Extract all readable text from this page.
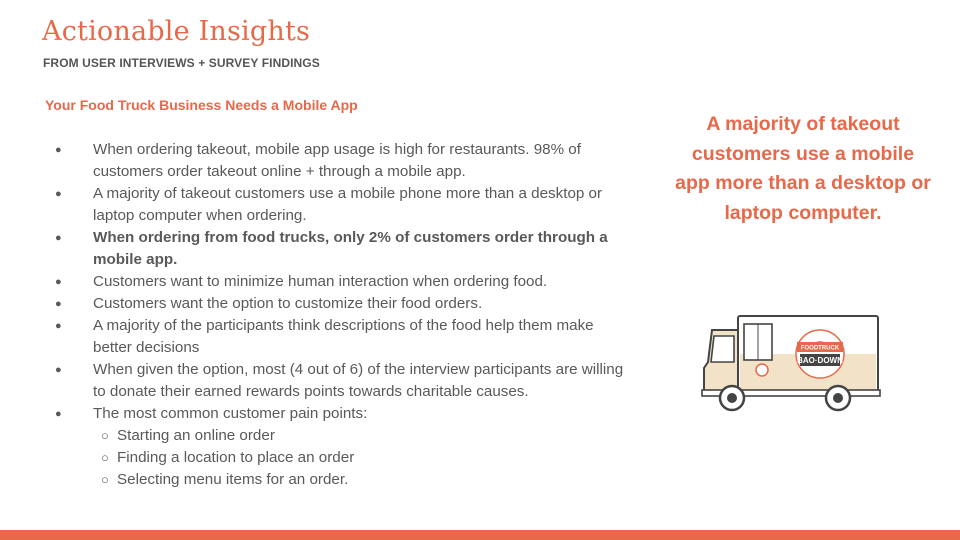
Actionable Insights
FROM USER INTERVIEWS + SURVEY FINDINGS
Your Food Truck Business Needs a Mobile App
● When ordering takeout, mobile app usage is high for restaurants. 98% of customers order takeout online + through a mobile app.
● A majority of takeout customers use a mobile phone more than a desktop or laptop computer when ordering.
● When ordering from food trucks, only 2% of customers order through a mobile app.
● Customers want to minimize human interaction when ordering food.
● Customers want the option to customize their food orders.
● A majority of the participants think descriptions of the food help them make better decisions
● When given the option, most (4 out of 6) of the interview participants are willing to donate their earned rewards points towards charitable causes.
● The most common customer pain points:
○ Starting an online order
○ Finding a location to place an order
○ Selecting menu items for an order.
A majority of takeout customers use a mobile app more than a desktop or laptop computer.
FOODTRUCK
BAO·DOWN
